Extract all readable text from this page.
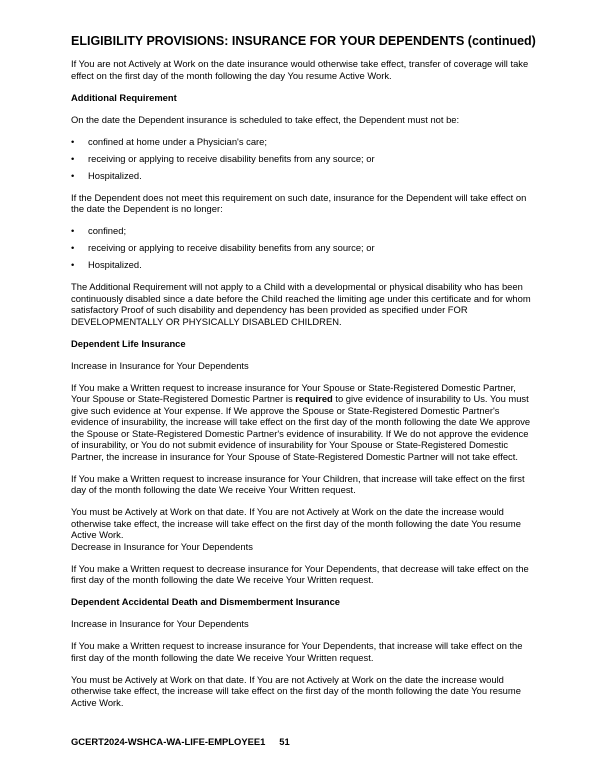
ELIGIBILITY PROVISIONS: INSURANCE FOR YOUR DEPENDENTS (continued)

If You are not Actively at Work on the date insurance would otherwise take effect, transfer of coverage will take effect on the first day of the month following the day You resume Active Work.

Additional Requirement

On the date the Dependent insurance is scheduled to take effect, the Dependent must not be:

• confined at home under a Physician's care;
• receiving or applying to receive disability benefits from any source; or
• Hospitalized.

If the Dependent does not meet this requirement on such date, insurance for the Dependent will take effect on the date the Dependent is no longer:

• confined;
• receiving or applying to receive disability benefits from any source; or
• Hospitalized.

The Additional Requirement will not apply to a Child with a developmental or physical disability who has been continuously disabled since a date before the Child reached the limiting age under this certificate and for whom satisfactory Proof of such disability and dependency has been provided as specified under FOR DEVELOPMENTALLY OR PHYSICALLY DISABLED CHILDREN.

Dependent Life Insurance

Increase in Insurance for Your Dependents

If You make a Written request to increase insurance for Your Spouse or State-Registered Domestic Partner, Your Spouse or State-Registered Domestic Partner is required to give evidence of insurability to Us. You must give such evidence at Your expense. If We approve the Spouse or State-Registered Domestic Partner's evidence of insurability, the increase will take effect on the first day of the month following the date We approve the Spouse or State-Registered Domestic Partner's evidence of insurability. If We do not approve the evidence of insurability, or You do not submit evidence of insurability for Your Spouse or State-Registered Domestic Partner, the increase in insurance for Your Spouse of State-Registered Domestic Partner will not take effect.

If You make a Written request to increase insurance for Your Children, that increase will take effect on the first day of the month following the date We receive Your Written request.

You must be Actively at Work on that date. If You are not Actively at Work on the date the increase would otherwise take effect, the increase will take effect on the first day of the month following the date You resume Active Work.

Decrease in Insurance for Your Dependents

If You make a Written request to decrease insurance for Your Dependents, that decrease will take effect on the first day of the month following the date We receive Your Written request.

Dependent Accidental Death and Dismemberment Insurance

Increase in Insurance for Your Dependents

If You make a Written request to increase insurance for Your Dependents, that increase will take effect on the first day of the month following the date We receive Your Written request.

You must be Actively at Work on that date. If You are not Actively at Work on the date the increase would otherwise take effect, the increase will take effect on the first day of the month following the date You resume Active Work.

GCERT2024-WSHCA-WA-LIFE-EMPLOYEE1 51
